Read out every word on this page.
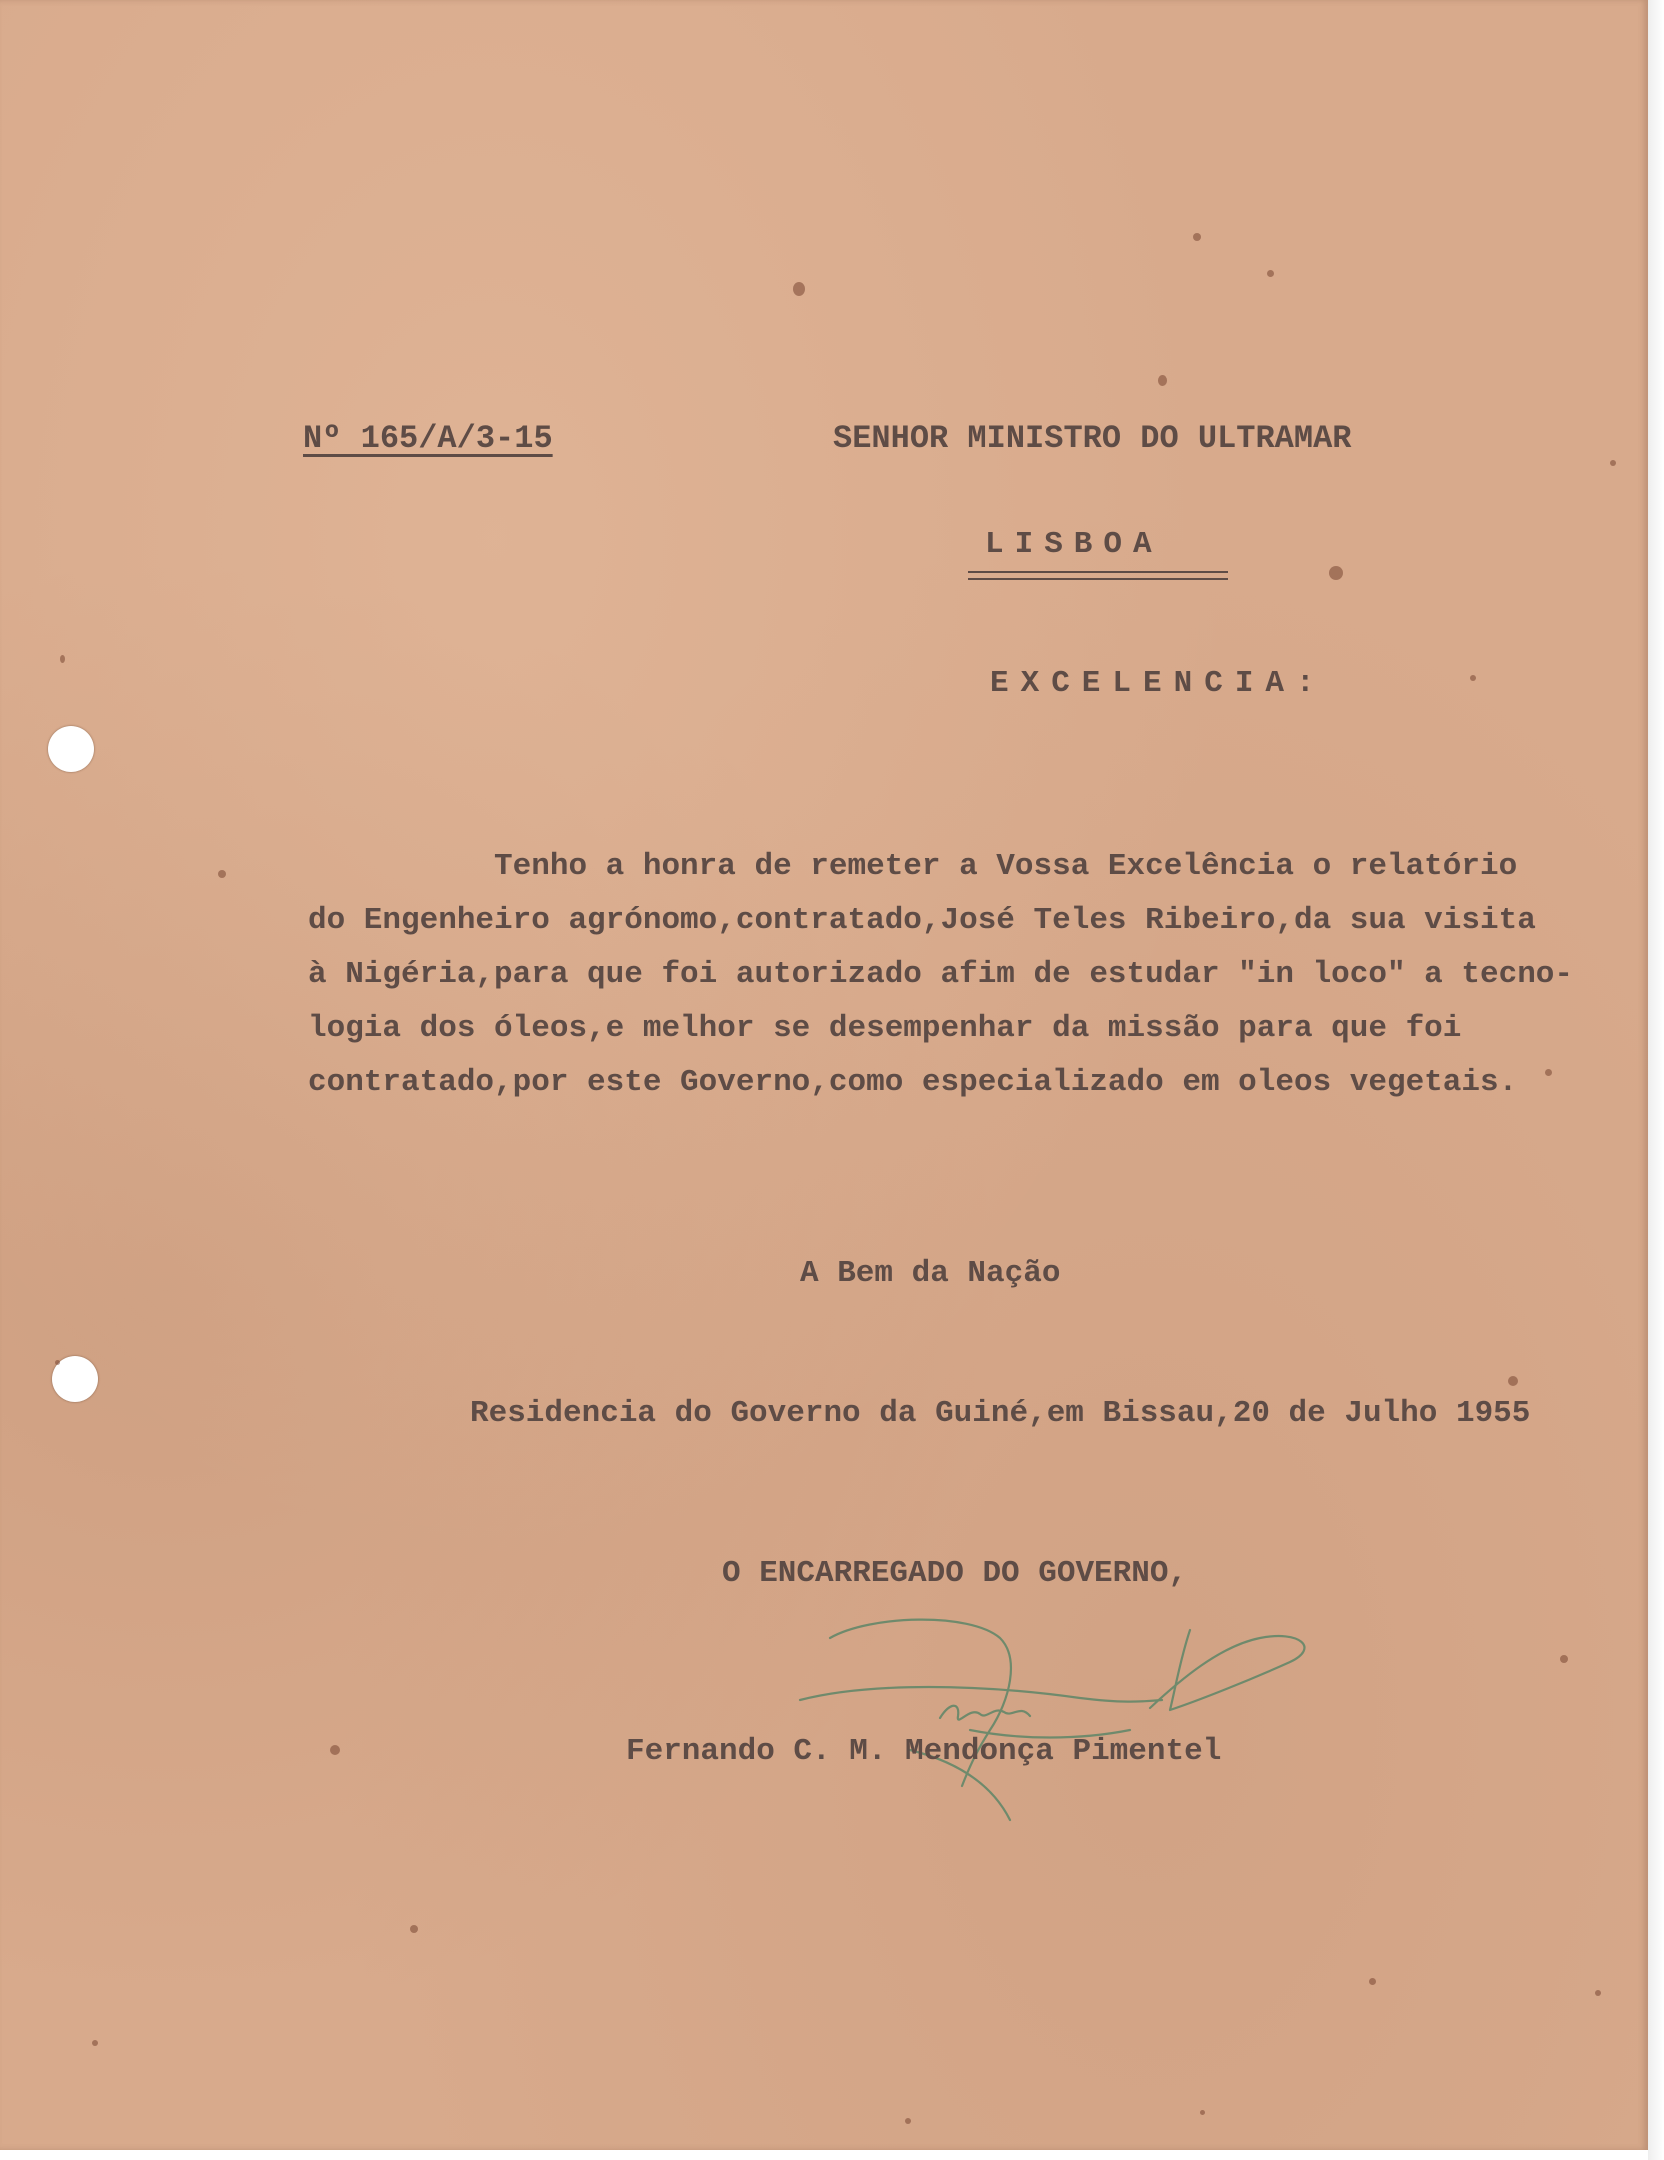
Nº 165/A/3-15	SENHOR MINISTRO DO ULTRAMAR

LISBOA

EXCELENCIA:

Tenho a honra de remeter a Vossa Excelência o relatório
do Engenheiro agrónomo,contratado,José Teles Ribeiro,da sua visita
à Nigéria,para que foi autorizado afim de estudar "in loco" a tecno-
logia dos óleos,e melhor se desempenhar da missão para que foi
contratado,por este Governo,como especializado em oleos vegetais.

A Bem da Nação

Residencia do Governo da Guiné,em Bissau,20 de Julho 1955

O ENCARREGADO DO GOVERNO,

Fernando C. M. Mendonça Pimentel
